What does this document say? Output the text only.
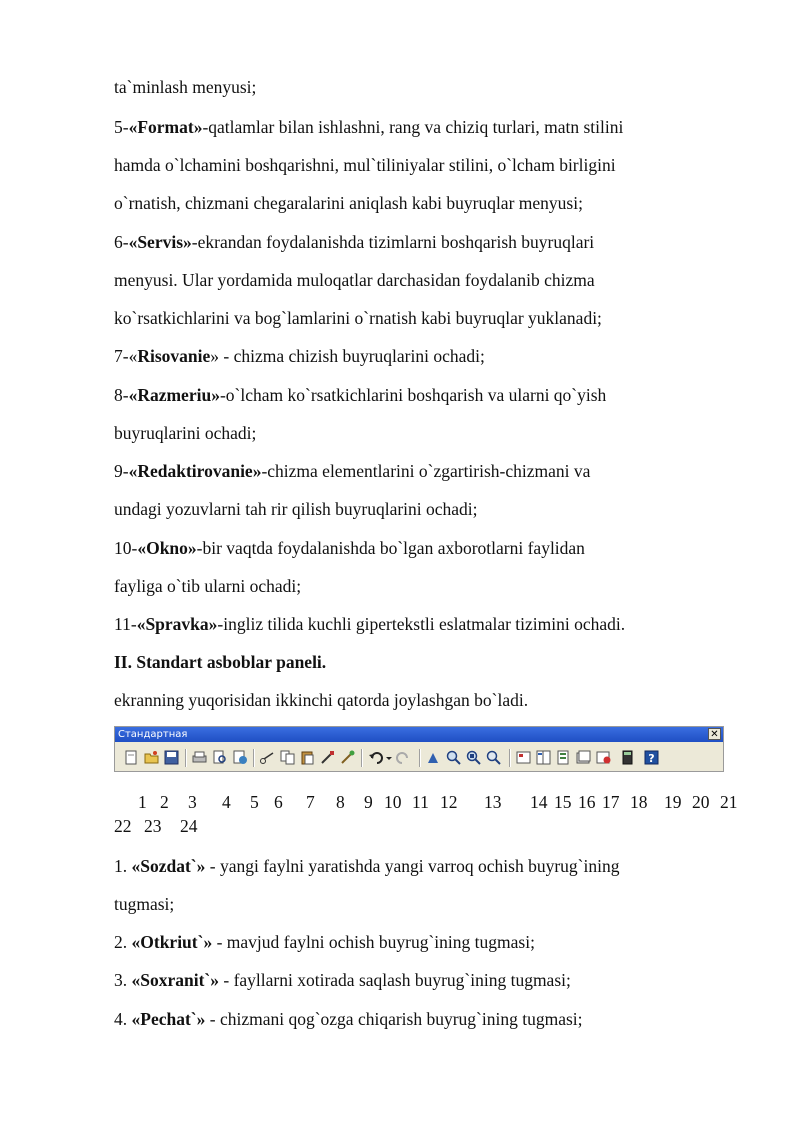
ta`minlash menyusi;
5-«Format»-qatlamlar bilan ishlashni, rang va chiziq turlari, matn stilini
hamda o`lchamini boshqarishni, mul`tiliniyalar stilini, o`lcham birligini
o`rnatish, chizmani chegaralarini aniqlash kabi buyruqlar menyusi;
6-«Servis»-ekrandan foydalanishda tizimlarni boshqarish buyruqlari
menyusi. Ular yordamida muloqatlar darchasidan foydalanib chizma
ko`rsatkichlarini va bog`lamlarini o`rnatish kabi buyruqlar yuklanadi;
7-«Risovanie» - chizma chizish buyruqlarini ochadi;
8-«Razmeriu»-o`lcham ko`rsatkichlarini boshqarish va ularni qo`yish
buyruqlarini ochadi;
9-«Redaktirovanie»-chizma elementlarini o`zgartirish-chizmani va
undagi yozuvlarni tah rir qilish buyruqlarini ochadi;
10-«Okno»-bir vaqtda foydalanishda bo`lgan axborotlarni faylidan
fayliga o`tib ularni ochadi;
11-«Spravka»-ingliz tilida kuchli gipertekstli eslatmalar tizimini ochadi.
II. Standart asboblar paneli.
ekranning yuqorisidan ikkinchi qatorda joylashgan bo`ladi.
Стандартная	✕
?
1 2 3 4 5 6 7 8 9 10 11 12 13 14 15 16 17 18 19 20 21
22 23 24
1. «Sozdat`» - yangi faylni yaratishda yangi varroq ochish buyrug`ining
tugmasi;
2. «Otkriut`» - mavjud faylni ochish buyrug`ining tugmasi;
3. «Soxranit`» - fayllarni xotirada saqlash buyrug`ining tugmasi;
4. «Pechat`» - chizmani qog`ozga chiqarish buyrug`ining tugmasi;
